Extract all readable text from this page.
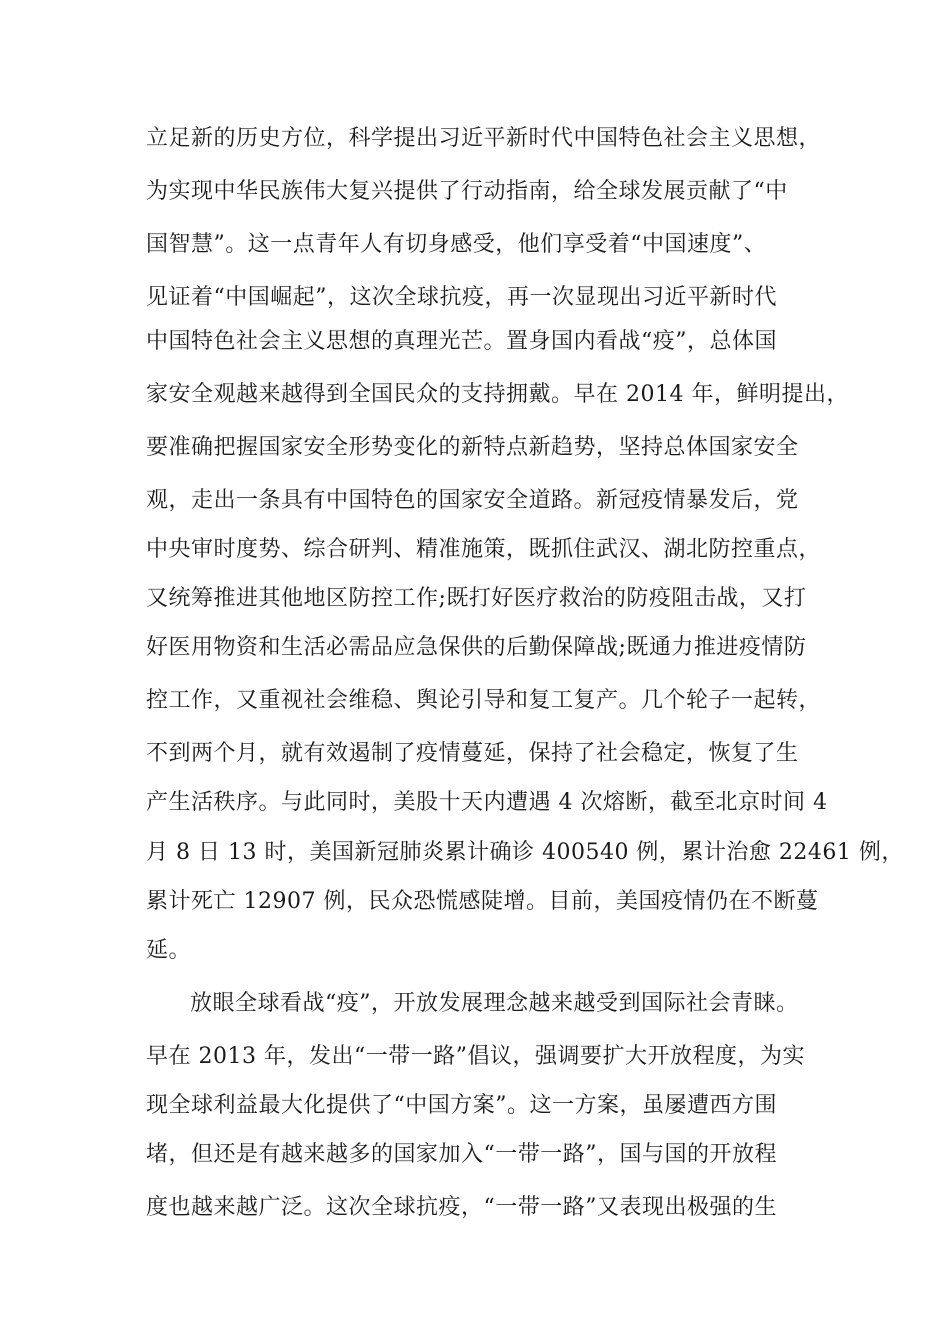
立足新的历史方位，科学提出习近平新时代中国特色社会主义思想，
为实现中华民族伟大复兴提供了行动指南，给全球发展贡献了“中
国智慧”。这一点青年人有切身感受，他们享受着“中国速度”、
见证着“中国崛起”，这次全球抗疫，再一次显现出习近平新时代
中国特色社会主义思想的真理光芒。置身国内看战“疫”，总体国
家安全观越来越得到全国民众的支持拥戴。早在 2014 年，鲜明提出，
要准确把握国家安全形势变化的新特点新趋势，坚持总体国家安全
观，走出一条具有中国特色的国家安全道路。新冠疫情暴发后，党
中央审时度势、综合研判、精准施策，既抓住武汉、湖北防控重点，
又统筹推进其他地区防控工作;既打好医疗救治的防疫阻击战，又打
好医用物资和生活必需品应急保供的后勤保障战;既通力推进疫情防
控工作，又重视社会维稳、舆论引导和复工复产。几个轮子一起转，
不到两个月，就有效遏制了疫情蔓延，保持了社会稳定，恢复了生
产生活秩序。与此同时，美股十天内遭遇 4 次熔断，截至北京时间 4
月 8 日 13 时，美国新冠肺炎累计确诊 400540 例，累计治愈 22461 例，
累计死亡 12907 例，民众恐慌感陡增。目前，美国疫情仍在不断蔓
延。
放眼全球看战“疫”，开放发展理念越来越受到国际社会青睐。
早在 2013 年，发出“一带一路”倡议，强调要扩大开放程度，为实
现全球利益最大化提供了“中国方案”。这一方案，虽屡遭西方围
堵，但还是有越来越多的国家加入“一带一路”，国与国的开放程
度也越来越广泛。这次全球抗疫，“一带一路”又表现出极强的生
